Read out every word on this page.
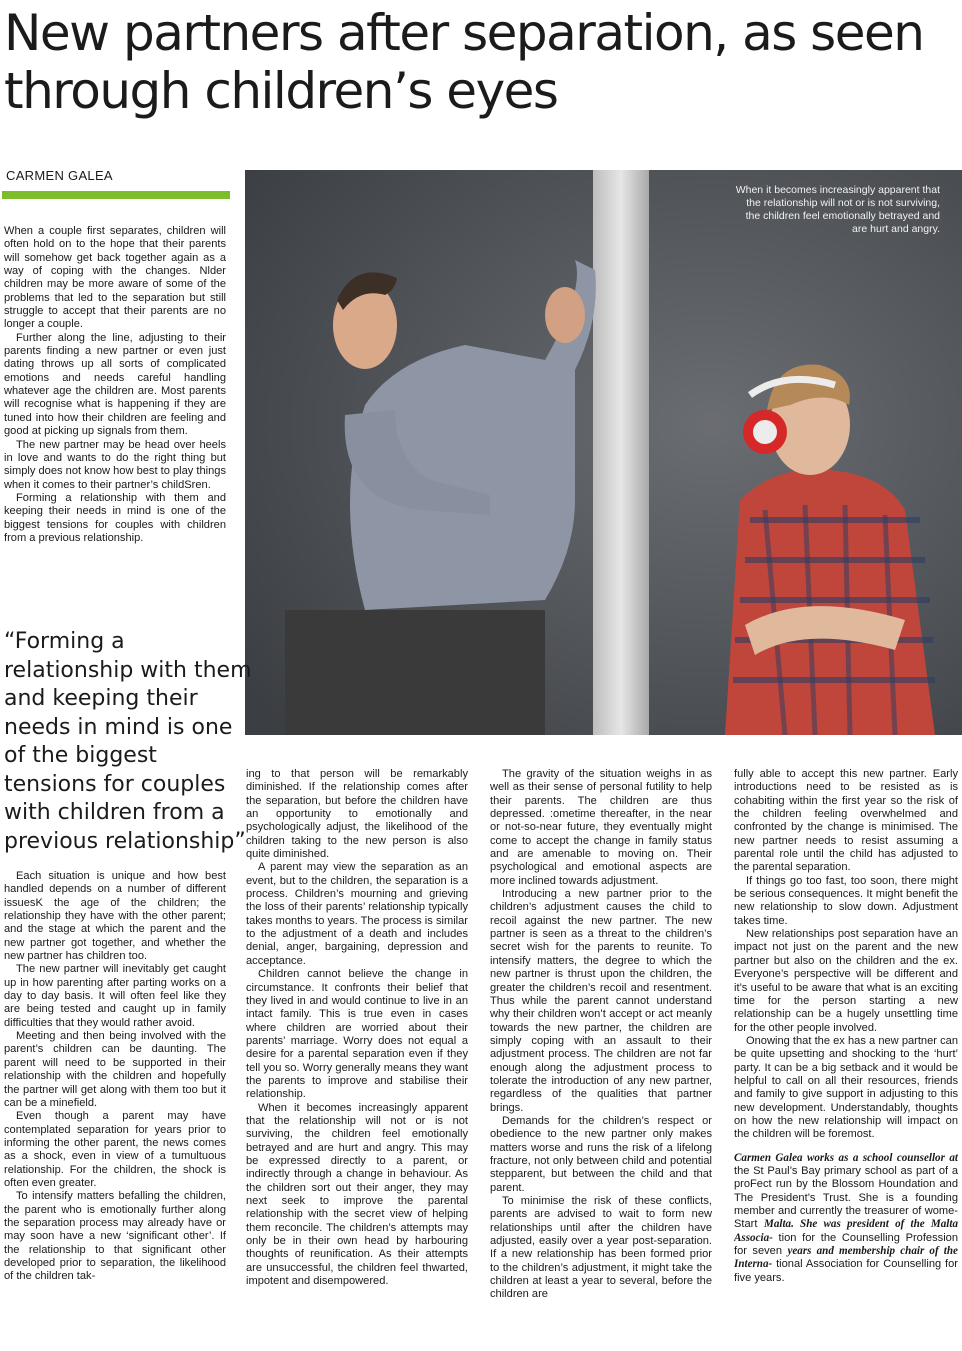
New partners after separation, as seen through children’s eyes
CARMEN GALEA
When it becomes increasingly apparent that the relationship will not or is not surviving, the children feel emotionally betrayed and are hurt and angry.

When a couple first separates, children will often hold on to the hope that their parents will somehow get back together again as a way of coping with the changes. Nlder children may be more aware of some of the problems that led to the separation but still struggle to accept that their parents are no longer a couple.

Further along the line, adjusting to their parents finding a new partner or even just dating throws up all sorts of complicated emotions and needs careful handling whatever age the children are. Most parents will recognise what is happening if they are tuned into how their children are feeling and good at picking up signals from them.

The new partner may be head over heels in love and wants to do the right thing but simply does not know how best to play things when it comes to their partner’s childSren.

Forming a relationship with them and keeping their needs in mind is one of the biggest tensions for couples with children from a previous relationship.

“Forming a relationship with them and keeping their needs in mind is one of the biggest tensions for couples with children from a previous relationship”

Each situation is unique and how best handled depends on a number of different issuesK the age of the children; the relationship they have with the other parent; and the stage at which the parent and the new partner got together, and whether the new partner has children too.

The new partner will inevitably get caught up in how parenting after parting works on a day to day basis. It will often feel like they are being tested and caught up in family difficulties that they would rather avoid.

Meeting and then being involved with the parent’s children can be daunting. The parent will need to be supported in their relationship with the children and hopefully the partner will get along with them too but it can be a minefield.

Even though a parent may have contemplated separation for years prior to informing the other parent, the news comes as a shock, even in view of a tumultuous relationship. For the children, the shock is often even greater.

To intensify matters befalling the children, the parent who is emotionally further along the separation process may already have or may soon have a new ‘significant other’. If the relationship to that significant other developed prior to separation, the likelihood of the children tak-

ing to that person will be remarkably diminished. If the relationship comes after the separation, but before the children have an opportunity to emotionally and psychologically adjust, the likelihood of the children taking to the new person is also quite diminished.

A parent may view the separation as an event, but to the children, the separation is a process. Children’s mourning and grieving the loss of their parents’ relationship typically takes months to years. The process is similar to the adjustment of a death and includes denial, anger, bargaining, depression and acceptance.

Children cannot believe the change in circumstance. It confronts their belief that they lived in and would continue to live in an intact family. This is true even in cases where children are worried about their parents’ marriage. Worry does not equal a desire for a parental separation even if they tell you so. Worry generally means they want the parents to improve and stabilise their relationship.

When it becomes increasingly apparent that the relationship will not or is not surviving, the children feel emotionally betrayed and are hurt and angry. This may be expressed directly to a parent, or indirectly through a change in behaviour. As the children sort out their anger, they may next seek to improve the parental relationship with the secret view of helping them reconcile. The children’s attempts may only be in their own head by harbouring thoughts of reunification. As their attempts are unsuccessful, the children feel thwarted, impotent and disempowered.

The gravity of the situation weighs in as well as their sense of personal futility to help their parents. The children are thus depressed. :ometime thereafter, in the near or not-so-near future, they eventually might come to accept the change in family status and are amenable to moving on. Their psychological and emotional aspects are more inclined towards adjustment.

Introducing a new partner prior to the children’s adjustment causes the child to recoil against the new partner. The new partner is seen as a threat to the children’s secret wish for the parents to reunite. To intensify matters, the degree to which the new partner is thrust upon the children, the greater the children’s recoil and resentment. Thus while the parent cannot understand why their children won’t accept or act meanly towards the new partner, the children are simply coping with an assault to their adjustment process. The children are not far enough along the adjustment process to tolerate the introduction of any new partner, regardless of the qualities that partner brings.

Demands for the children’s respect or obedience to the new partner only makes matters worse and runs the risk of a lifelong fracture, not only between child and potential stepparent, but between the child and that parent.

To minimise the risk of these conflicts, parents are advised to wait to form new relationships until after the children have adjusted, easily over a year post-separation. If a new relationship has been formed prior to the children’s adjustment, it might take the children at least a year to several, before the children are

fully able to accept this new partner. Early introductions need to be resisted as is cohabiting within the first year so the risk of the children feeling overwhelmed and confronted by the change is minimised. The new partner needs to resist assuming a parental role until the child has adjusted to the parental separation.

If things go too fast, too soon, there might be serious consequences. It might benefit the new relationship to slow down. Adjustment takes time.

New relationships post separation have an impact not just on the parent and the new partner but also on the children and the ex. Everyone’s perspective will be different and it’s useful to be aware that what is an exciting time for the person starting a new relationship can be a hugely unsettling time for the other people involved.

Onowing that the ex has a new partner can be quite upsetting and shocking to the ‘hurt’ party. It can be a big setback and it would be helpful to call on all their resources, friends and family to give support in adjusting to this new development. Understandably, thoughts on how the new relationship will impact on the children will be foremost.

Carmen Galea works as a school counsellor at the St Paul’s Bay primary school as part of a proFect run by the Blossom Houndation and The President’s Trust. She is a founding member and currently the treasurer of wome-Start Malta. She was president of the Malta Associa- tion for the Counselling Profession for seven years and membership chair of the Interna- tional Association for Counselling for five years.
